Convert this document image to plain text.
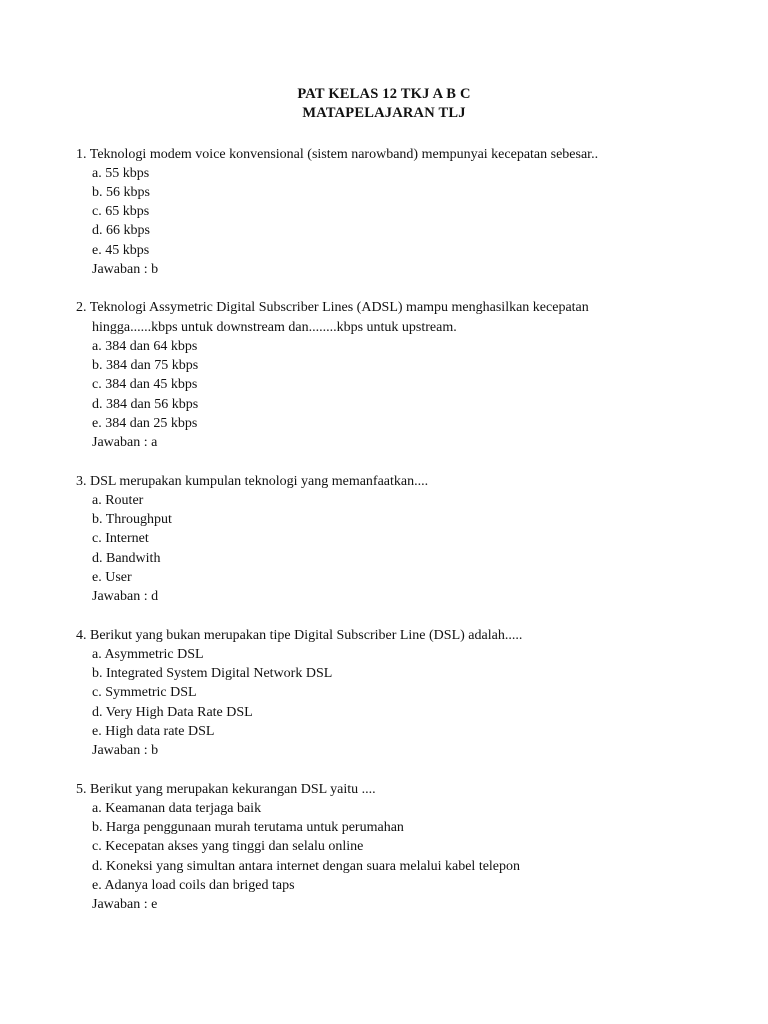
PAT KELAS 12 TKJ A B C
MATAPELAJARAN TLJ
1. Teknologi modem voice konvensional (sistem narowband) mempunyai kecepatan sebesar..
a. 55 kbps
b. 56 kbps
c. 65 kbps
d. 66 kbps
e. 45 kbps
Jawaban : b
2. Teknologi Assymetric Digital Subscriber Lines (ADSL) mampu menghasilkan kecepatan
hingga......kbps untuk downstream dan........kbps untuk upstream.
a. 384 dan 64 kbps
b. 384 dan 75 kbps
c. 384 dan 45 kbps
d. 384 dan 56 kbps
e. 384 dan 25 kbps
Jawaban : a
3. DSL merupakan kumpulan teknologi yang memanfaatkan....
a. Router
b. Throughput
c. Internet
d. Bandwith
e. User
Jawaban : d
4. Berikut yang bukan merupakan tipe Digital Subscriber Line (DSL) adalah.....
a. Asymmetric DSL
b. Integrated System Digital Network DSL
c. Symmetric DSL
d. Very High Data Rate DSL
e. High data rate DSL
Jawaban : b
5. Berikut yang merupakan kekurangan DSL yaitu ....
a. Keamanan data terjaga baik
b. Harga penggunaan murah terutama untuk perumahan
c. Kecepatan akses yang tinggi dan selalu online
d. Koneksi yang simultan antara internet dengan suara melalui kabel telepon
e. Adanya load coils dan briged taps
Jawaban : e
